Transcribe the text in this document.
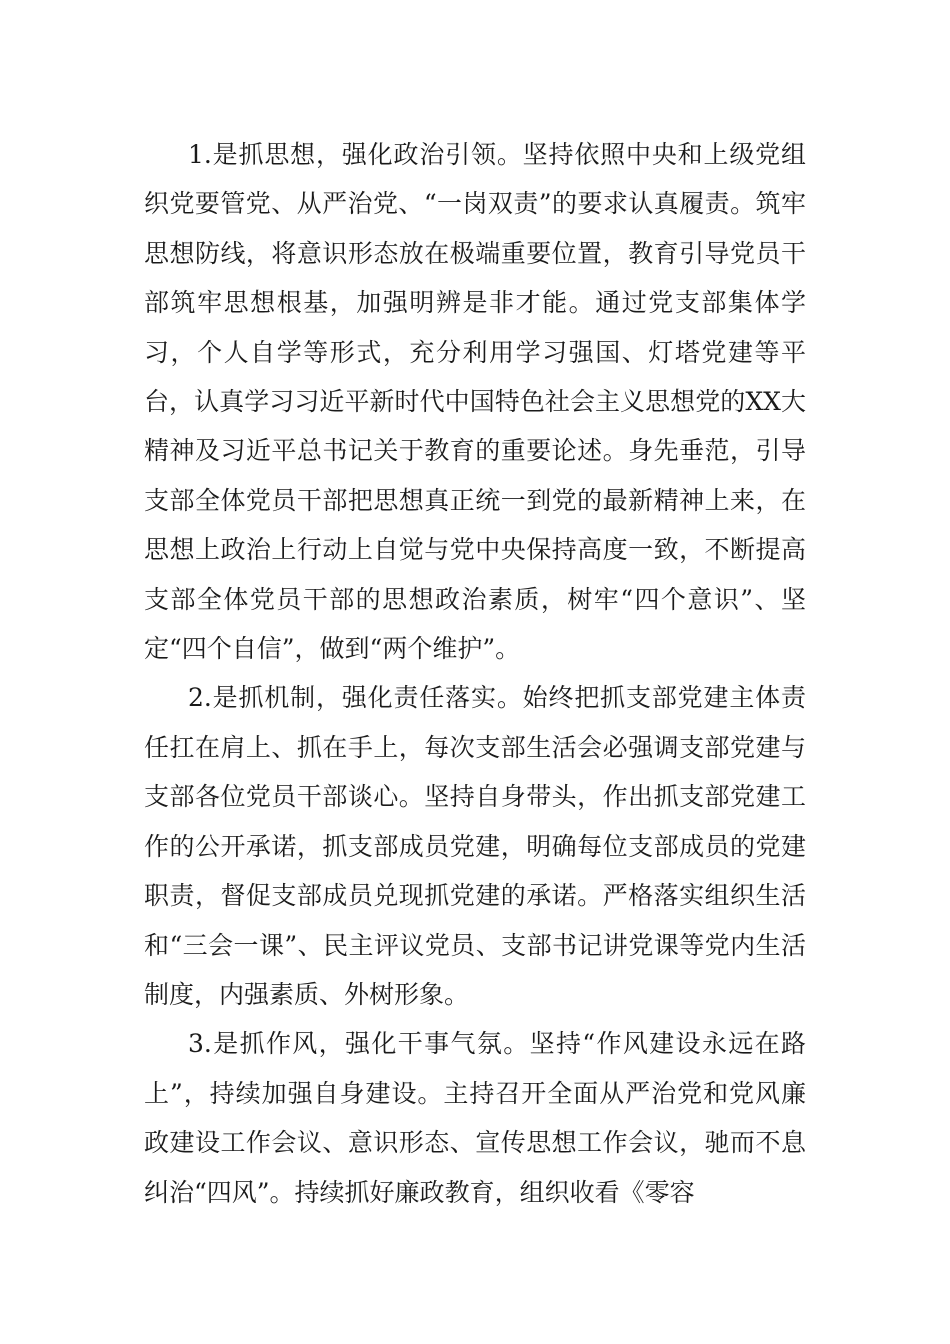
1.是抓思想，强化政治引领。坚持依照中央和上级党组织党要管党、从严治党、“一岗双责”的要求认真履责。筑牢思想防线，将意识形态放在极端重要位置，教育引导党员干部筑牢思想根基，加强明辨是非才能。通过党支部集体学习，个人自学等形式，充分利用学习强国、灯塔党建等平台，认真学习习近平新时代中国特色社会主义思想党的XX大精神及习近平总书记关于教育的重要论述。身先垂范，引导支部全体党员干部把思想真正统一到党的最新精神上来，在思想上政治上行动上自觉与党中央保持高度一致，不断提高支部全体党员干部的思想政治素质，树牢“四个意识”、坚定“四个自信”，做到“两个维护”。

2.是抓机制，强化责任落实。始终把抓支部党建主体责任扛在肩上、抓在手上，每次支部生活会必强调支部党建与支部各位党员干部谈心。坚持自身带头，作出抓支部党建工作的公开承诺，抓支部成员党建，明确每位支部成员的党建职责，督促支部成员兑现抓党建的承诺。严格落实组织生活和“三会一课”、民主评议党员、支部书记讲党课等党内生活制度，内强素质、外树形象。

3.是抓作风，强化干事气氛。坚持“作风建设永远在路上”，持续加强自身建设。主持召开全面从严治党和党风廉政建设工作会议、意识形态、宣传思想工作会议，驰而不息纠治“四风”。持续抓好廉政教育，组织收看《零容
